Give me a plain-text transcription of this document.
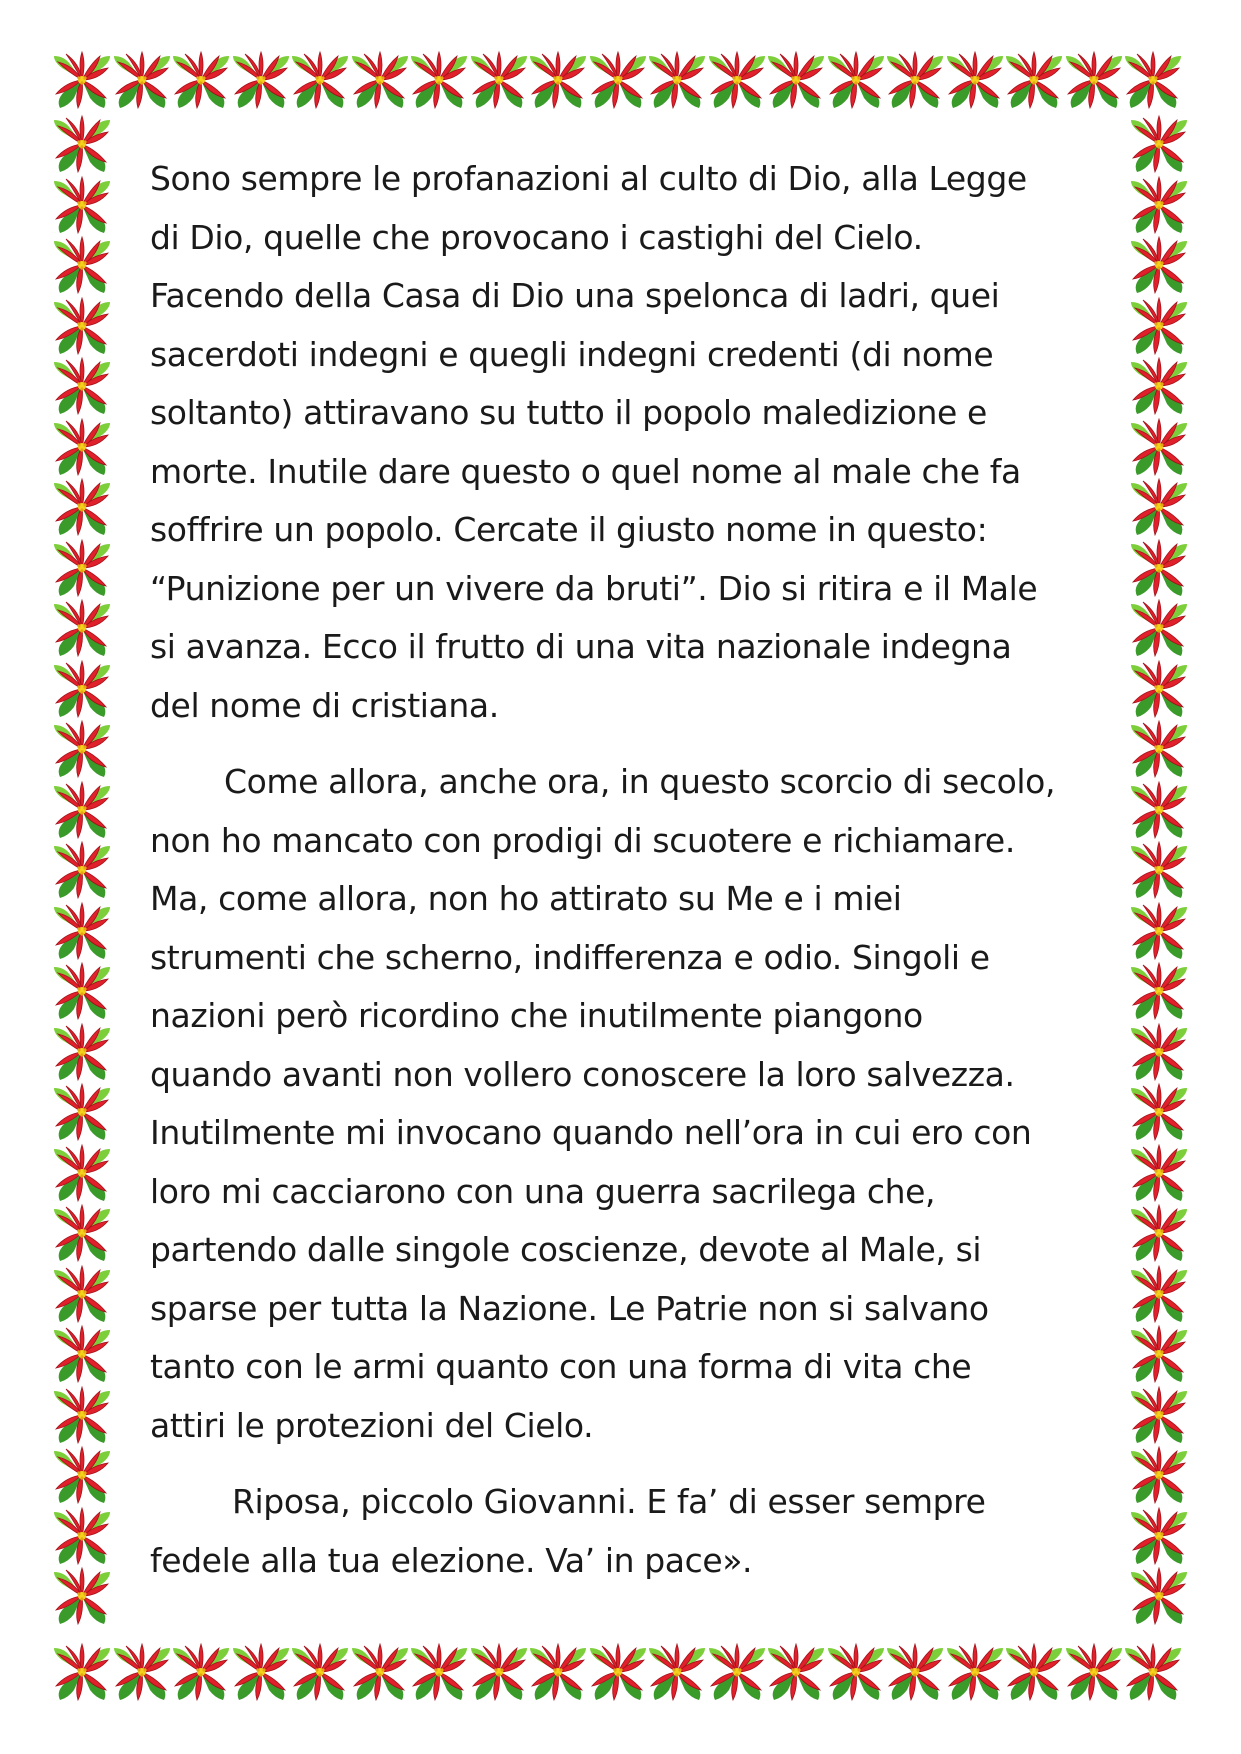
Sono sempre le profanazioni al culto di Dio, alla Legge
di Dio, quelle che provocano i castighi del Cielo.
Facendo della Casa di Dio una spelonca di ladri, quei
sacerdoti indegni e quegli indegni credenti (di nome
soltanto) attiravano su tutto il popolo maledizione e
morte. Inutile dare questo o quel nome al male che fa
soffrire un popolo. Cercate il giusto nome in questo:
“Punizione per un vivere da bruti”. Dio si ritira e il Male
si avanza. Ecco il frutto di una vita nazionale indegna
del nome di cristiana.

Come allora, anche ora, in questo scorcio di secolo,
non ho mancato con prodigi di scuotere e richiamare.
Ma, come allora, non ho attirato su Me e i miei
strumenti che scherno, indifferenza e odio. Singoli e
nazioni però ricordino che inutilmente piangono
quando avanti non vollero conoscere la loro salvezza.
Inutilmente mi invocano quando nell’ora in cui ero con
loro mi cacciarono con una guerra sacrilega che,
partendo dalle singole coscienze, devote al Male, si
sparse per tutta la Nazione. Le Patrie non si salvano
tanto con le armi quanto con una forma di vita che
attiri le protezioni del Cielo.

Riposa, piccolo Giovanni. E fa’ di esser sempre
fedele alla tua elezione. Va’ in pace».
